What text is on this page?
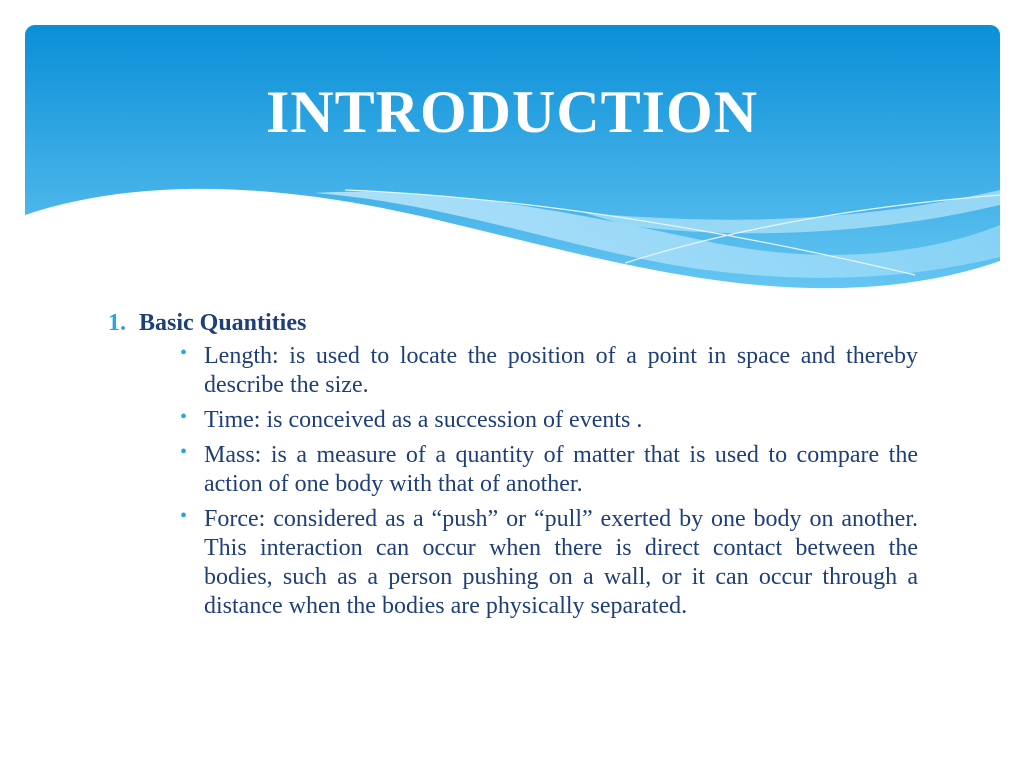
INTRODUCTION
1. Basic Quantities
• Length: is used to locate the position of a point in space and thereby describe the size.
• Time: is conceived as a succession of events .
• Mass: is a measure of a quantity of matter that is used to compare the action of one body with that of another.
• Force: considered as a “push” or “pull” exerted by one body on another. This interaction can occur when there is direct contact between the bodies, such as a person pushing on a wall, or it can occur through a distance when the bodies are physically separated.
